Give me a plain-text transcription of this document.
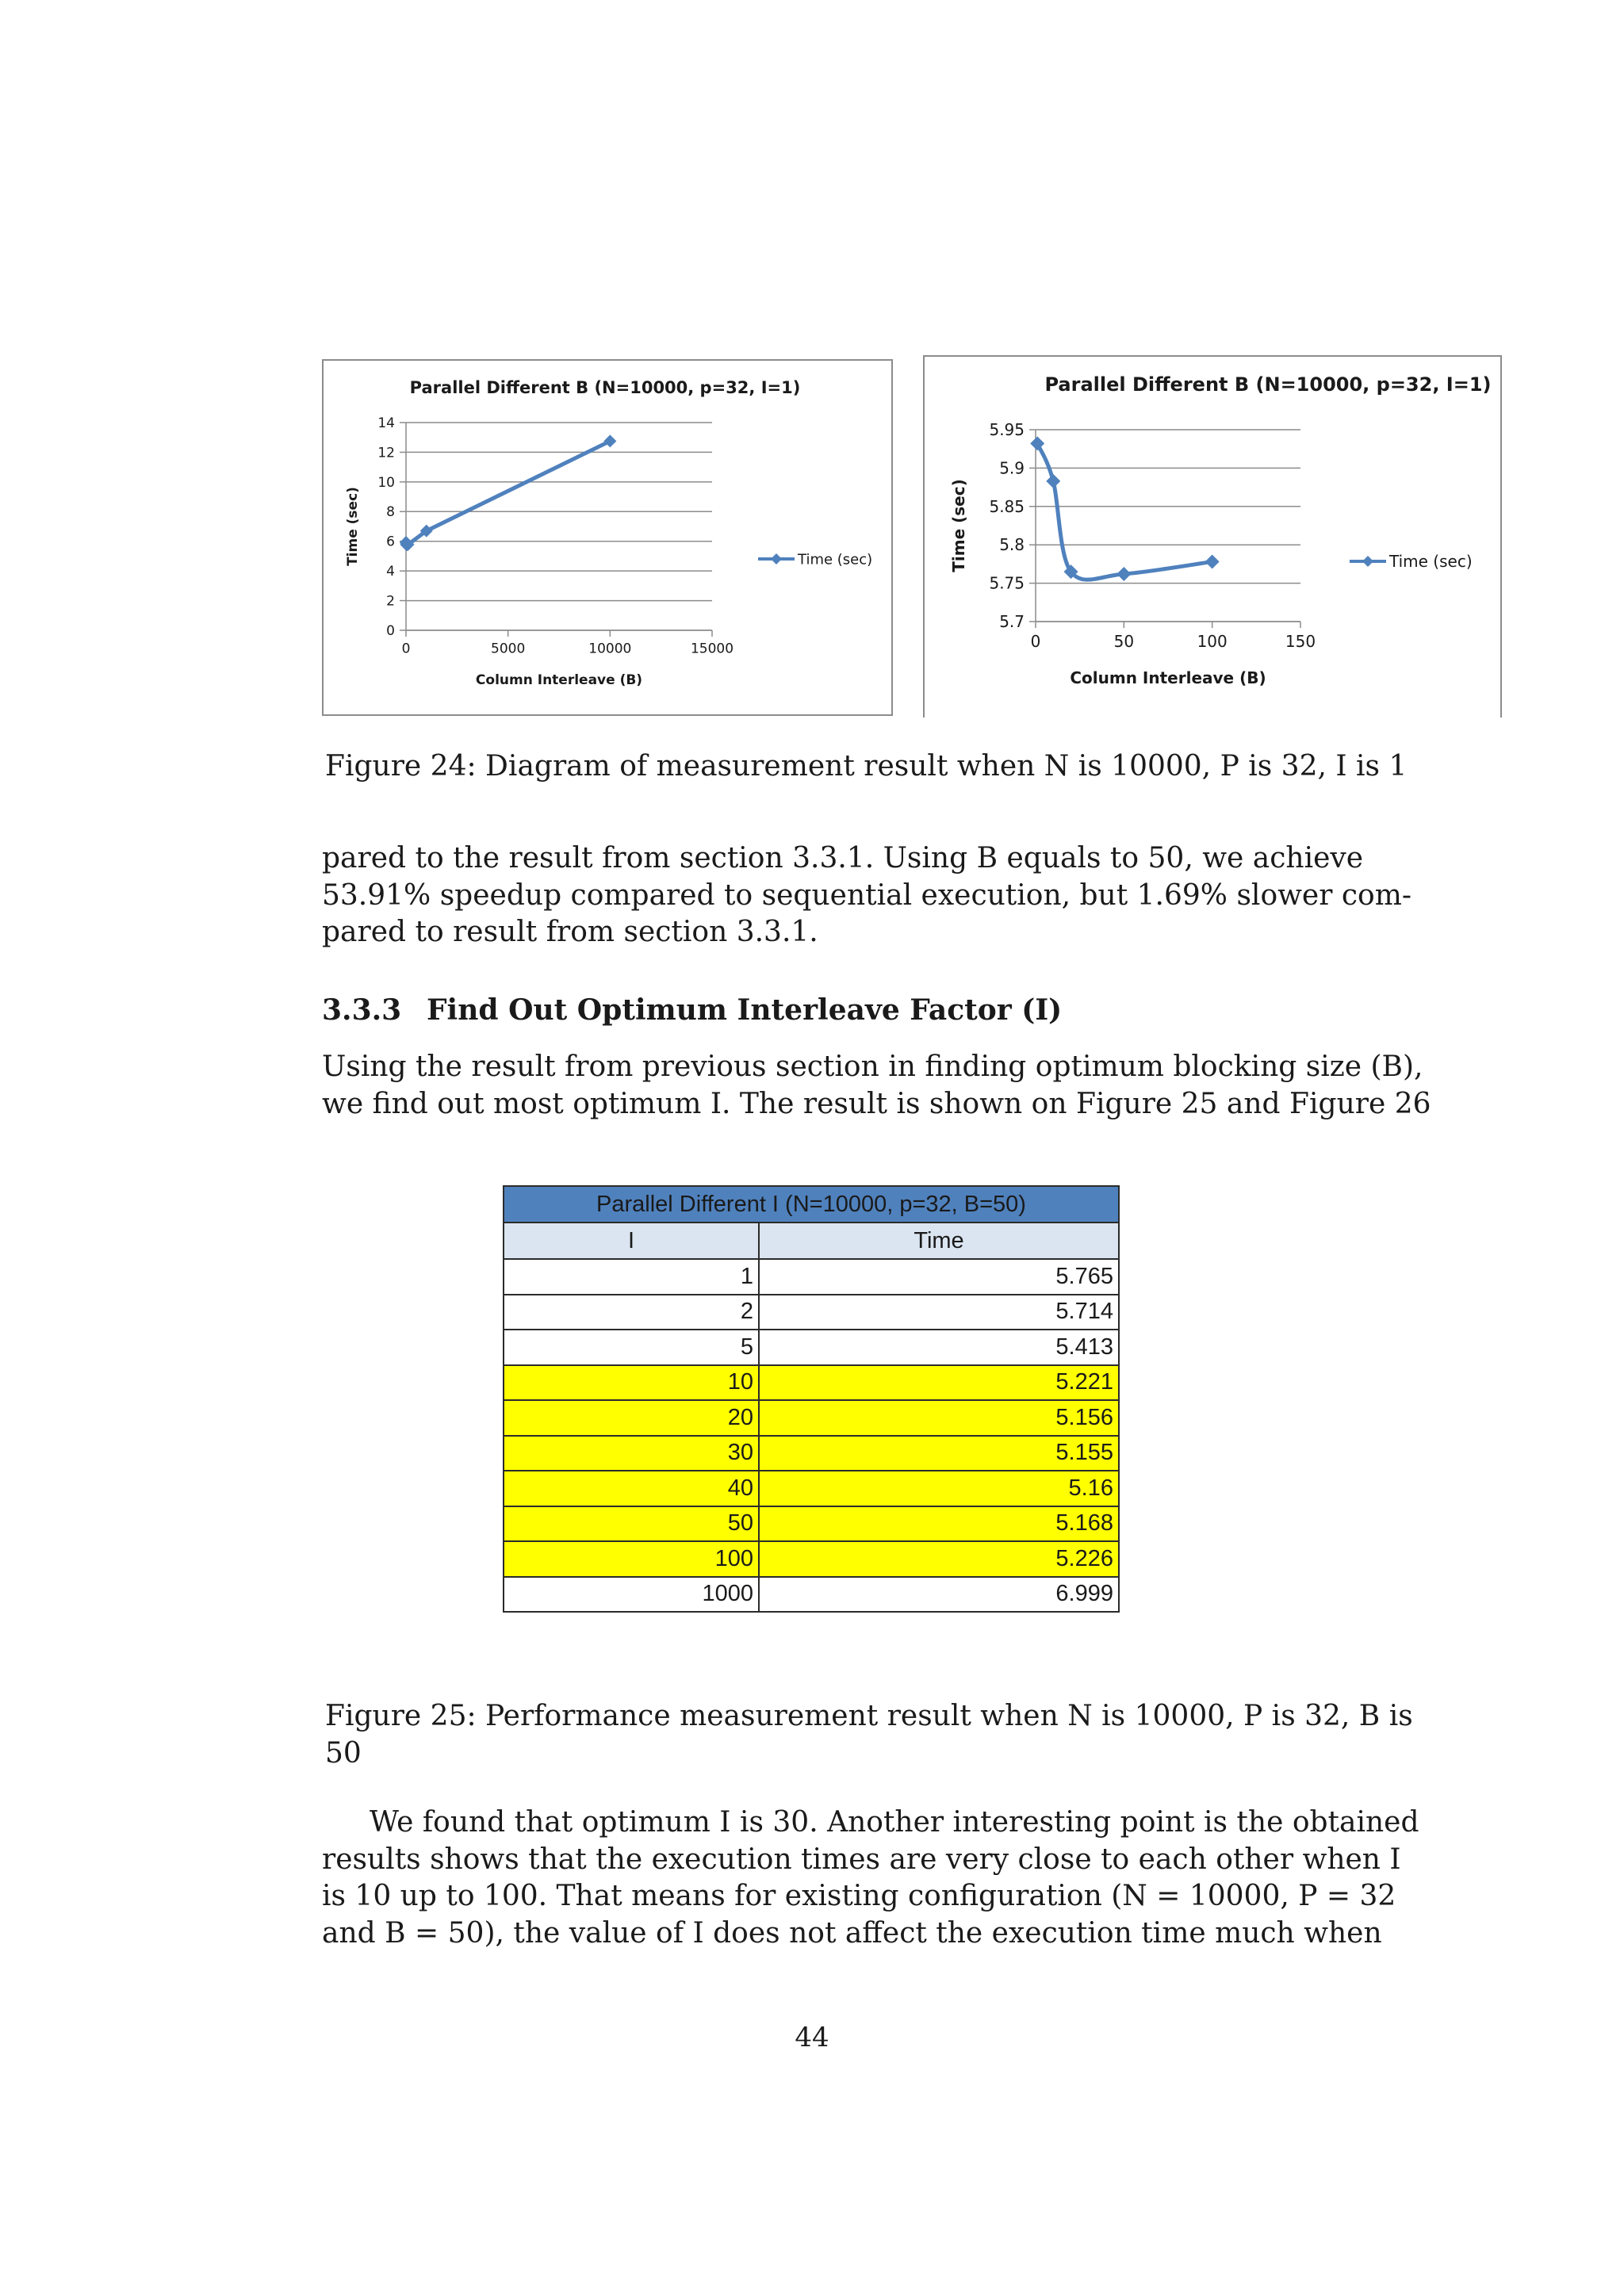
Parallel Different B (N=10000, p=32, I=1)
0
2
4
6
8
10
12
14
0	5000	10000	15000
Column Interleave (B)
Time (sec)	Time (sec)
Parallel Different B (N=10000, p=32, I=1)
5.7
5.75
5.8
5.85
5.9
5.95
0	50	100	150
Column Interleave (B)
Time (sec)	Time (sec)
Figure 24: Diagram of measurement result when N is 10000, P is 32, I is 1
pared to the result from section 3.3.1. Using B equals to 50, we achieve
53.91% speedup compared to sequential execution, but 1.69% slower com-
pared to result from section 3.3.1.
3.3.3 Find Out Optimum Interleave Factor (I)
Using the result from previous section in finding optimum blocking size (B),
we find out most optimum I. The result is shown on Figure 25 and Figure 26
Parallel Different I (N=10000, p=32, B=50)	
I	Time
1	5.765
2	5.714
5	5.413
10	5.221
20	5.156
30	5.155
40	5.16
50	5.168
100	5.226
1000	6.999
Figure 25: Performance measurement result when N is 10000, P is 32, B is
50
We found that optimum I is 30. Another interesting point is the obtained
results shows that the execution times are very close to each other when I
is 10 up to 100. That means for existing configuration (N = 10000, P = 32
and B = 50), the value of I does not affect the execution time much when
44
